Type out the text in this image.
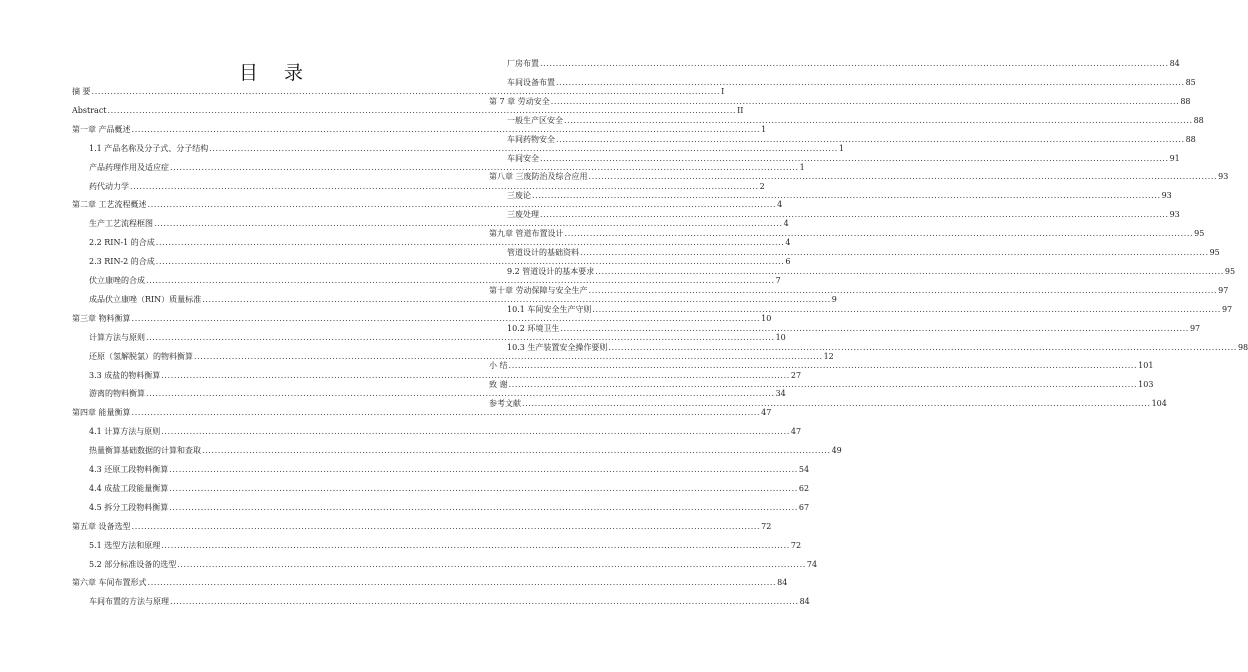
目 录
摘 要 ........................................................................................................................................................................................................ I
Abstract ........................................................................................................................................................................................................ II
第一章 产品概述 ........................................................................................................................................................................................................ 1
1.1 产品名称及分子式、分子结构 ........................................................................................................................................................................................................ 1
产品药理作用及适应症 ........................................................................................................................................................................................................ 1
药代动力学 ........................................................................................................................................................................................................ 2
第二章 工艺流程概述 ........................................................................................................................................................................................................ 4
生产工艺流程框图 ........................................................................................................................................................................................................ 4
2.2 RIN-1 的合成 ........................................................................................................................................................................................................ 4
2.3 RIN-2 的合成 ........................................................................................................................................................................................................ 6
伏立康唑的合成 ........................................................................................................................................................................................................ 7
成品伏立康唑（RIN）质量标准 ........................................................................................................................................................................................................ 9
第三章 物料衡算 ........................................................................................................................................................................................................ 10
计算方法与原则 ........................................................................................................................................................................................................ 10
还原（氢解脱氯）的物料衡算 ........................................................................................................................................................................................................ 12
3.3 成盐的物料衡算 ........................................................................................................................................................................................................ 27
游离的物料衡算 ........................................................................................................................................................................................................ 34
第四章 能量衡算 ........................................................................................................................................................................................................ 47
4.1 计算方法与原则 ........................................................................................................................................................................................................ 47
热量衡算基础数据的计算和查取 ........................................................................................................................................................................................................ 49
4.3 还原工段物料衡算 ........................................................................................................................................................................................................ 54
4.4 成盐工段能量衡算 ........................................................................................................................................................................................................ 62
4.5 拆分工段物料衡算 ........................................................................................................................................................................................................ 67
第五章 设备选型 ........................................................................................................................................................................................................ 72
5.1 选型方法和原理 ........................................................................................................................................................................................................ 72
5.2 部分标准设备的选型 ........................................................................................................................................................................................................ 74
第六章 车间布置形式 ........................................................................................................................................................................................................ 84
车间布置的方法与原理 ........................................................................................................................................................................................................ 84
厂房布置 ........................................................................................................................................................................................................ 84
车间设备布置 ........................................................................................................................................................................................................ 85
第 7 章 劳动安全 ........................................................................................................................................................................................................ 88
一般生产区安全 ........................................................................................................................................................................................................ 88
车间药物安全 ........................................................................................................................................................................................................ 88
车间安全 ........................................................................................................................................................................................................ 91
第八章 三废防治及综合应用 ........................................................................................................................................................................................................ 93
三废论 ........................................................................................................................................................................................................ 93
三废处理 ........................................................................................................................................................................................................ 93
第九章 管道布置设计 ........................................................................................................................................................................................................ 95
管道设计的基础资料 ........................................................................................................................................................................................................ 95
9.2 管道设计的基本要求 ........................................................................................................................................................................................................ 95
第十章 劳动保障与安全生产 ........................................................................................................................................................................................................ 97
10.1 车间安全生产守则 ........................................................................................................................................................................................................ 97
10.2 环境卫生 ........................................................................................................................................................................................................ 97
10.3 生产装置安全操作要则 ........................................................................................................................................................................................................ 98
小 结 ........................................................................................................................................................................................................ 101
致 谢 ........................................................................................................................................................................................................ 103
参考文献 ........................................................................................................................................................................................................ 104
